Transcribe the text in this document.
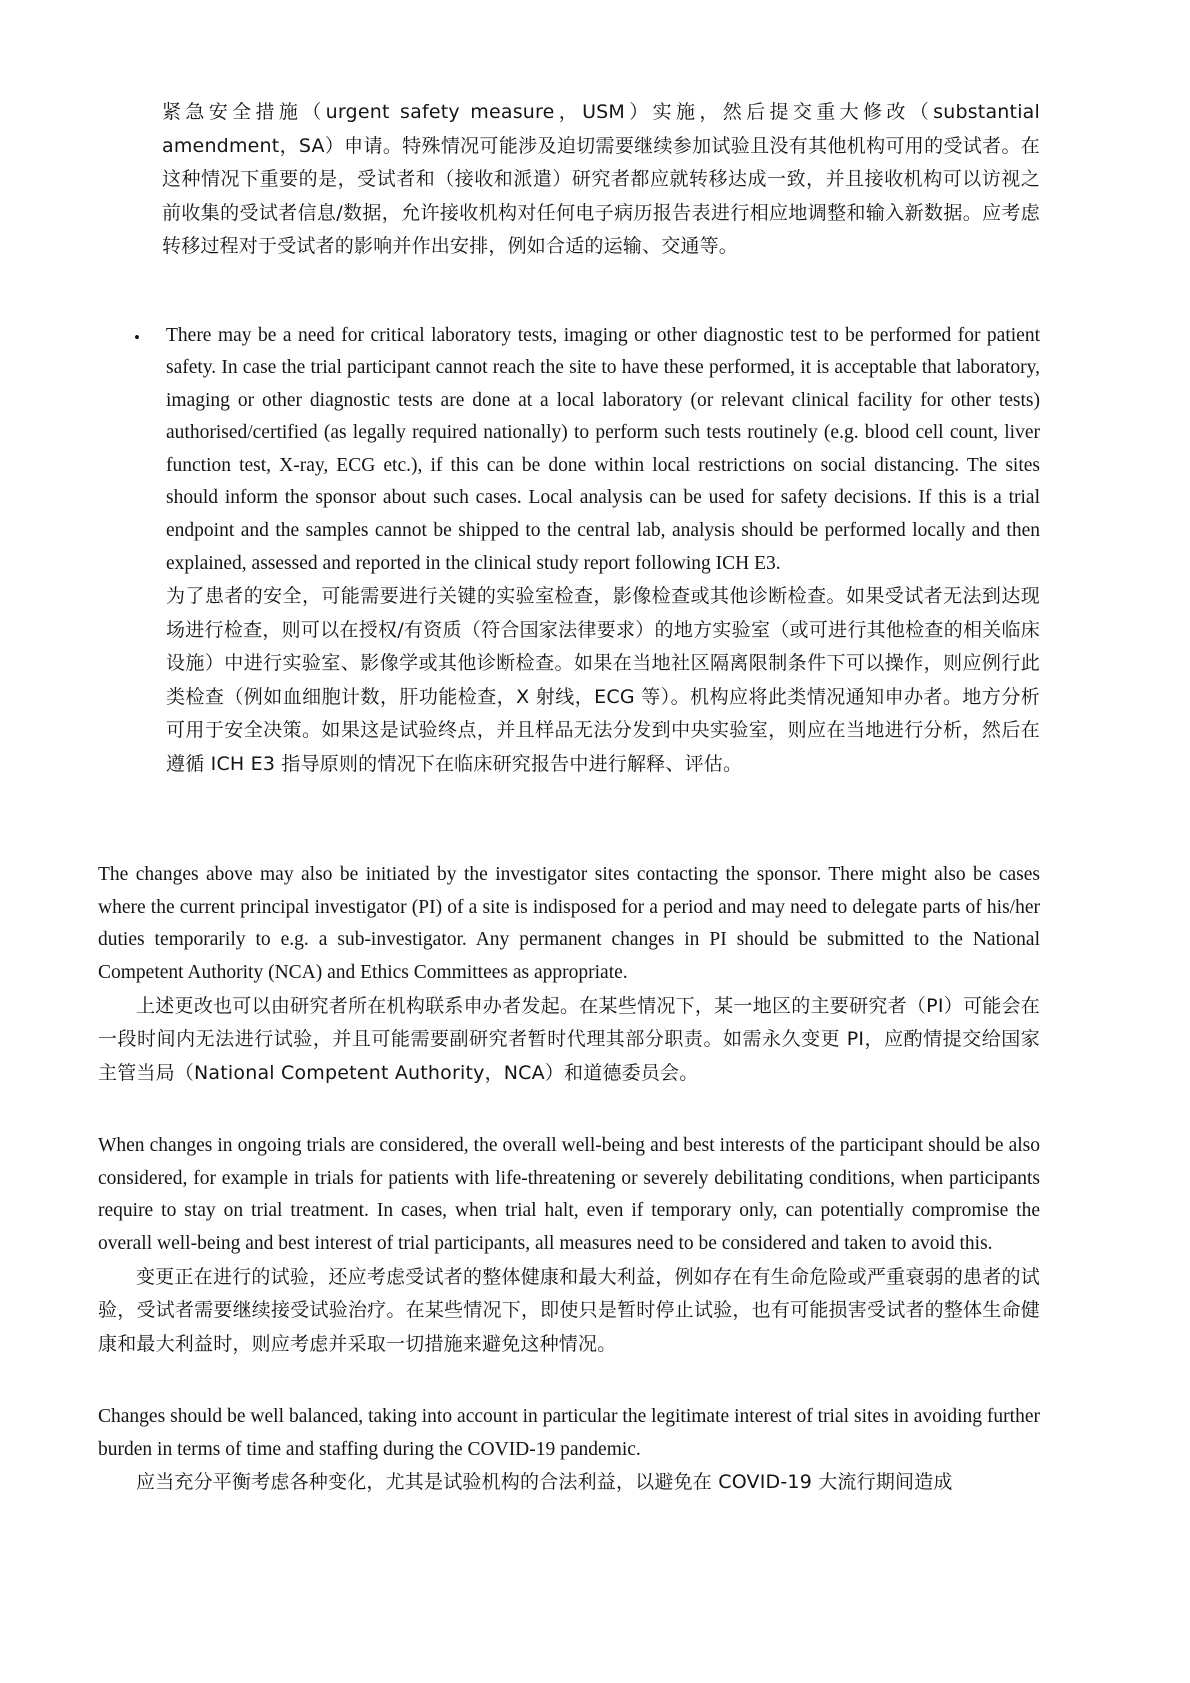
紧急安全措施（urgent safety measure，USM）实施，然后提交重大修改（substantial amendment，SA）申请。特殊情况可能涉及迫切需要继续参加试验且没有其他机构可用的受试者。在这种情况下重要的是，受试者和（接收和派遣）研究者都应就转移达成一致，并且接收机构可以访视之前收集的受试者信息/数据，允许接收机构对任何电子病历报告表进行相应地调整和输入新数据。应考虑转移过程对于受试者的影响并作出安排，例如合适的运输、交通等。

•	There may be a need for critical laboratory tests, imaging or other diagnostic test to be performed for patient safety. In case the trial participant cannot reach the site to have these performed, it is acceptable that laboratory, imaging or other diagnostic tests are done at a local laboratory (or relevant clinical facility for other tests) authorised/certified (as legally required nationally) to perform such tests routinely (e.g. blood cell count, liver function test, X-ray, ECG etc.), if this can be done within local restrictions on social distancing. The sites should inform the sponsor about such cases. Local analysis can be used for safety decisions. If this is a trial endpoint and the samples cannot be shipped to the central lab, analysis should be performed locally and then explained, assessed and reported in the clinical study report following ICH E3.

为了患者的安全，可能需要进行关键的实验室检查，影像检查或其他诊断检查。如果受试者无法到达现场进行检查，则可以在授权/有资质（符合国家法律要求）的地方实验室（或可进行其他检查的相关临床设施）中进行实验室、影像学或其他诊断检查。如果在当地社区隔离限制条件下可以操作，则应例行此类检查（例如血细胞计数，肝功能检查，X 射线，ECG 等）。机构应将此类情况通知申办者。地方分析可用于安全决策。如果这是试验终点，并且样品无法分发到中央实验室，则应在当地进行分析，然后在遵循 ICH E3 指导原则的情况下在临床研究报告中进行解释、评估。

The changes above may also be initiated by the investigator sites contacting the sponsor. There might also be cases where the current principal investigator (PI) of a site is indisposed for a period and may need to delegate parts of his/her duties temporarily to e.g. a sub-investigator. Any permanent changes in PI should be submitted to the National Competent Authority (NCA) and Ethics Committees as appropriate.

上述更改也可以由研究者所在机构联系申办者发起。在某些情况下，某一地区的主要研究者（PI）可能会在一段时间内无法进行试验，并且可能需要副研究者暂时代理其部分职责。如需永久变更 PI，应酌情提交给国家主管当局（National Competent Authority，NCA）和道德委员会。

When changes in ongoing trials are considered, the overall well-being and best interests of the participant should be also considered, for example in trials for patients with life-threatening or severely debilitating conditions, when participants require to stay on trial treatment. In cases, when trial halt, even if temporary only, can potentially compromise the overall well-being and best interest of trial participants, all measures need to be considered and taken to avoid this.

变更正在进行的试验，还应考虑受试者的整体健康和最大利益，例如存在有生命危险或严重衰弱的患者的试验，受试者需要继续接受试验治疗。在某些情况下，即使只是暂时停止试验，也有可能损害受试者的整体生命健康和最大利益时，则应考虑并采取一切措施来避免这种情况。

Changes should be well balanced, taking into account in particular the legitimate interest of trial sites in avoiding further burden in terms of time and staffing during the COVID-19 pandemic.

应当充分平衡考虑各种变化，尤其是试验机构的合法利益，以避免在 COVID-19 大流行期间造成
